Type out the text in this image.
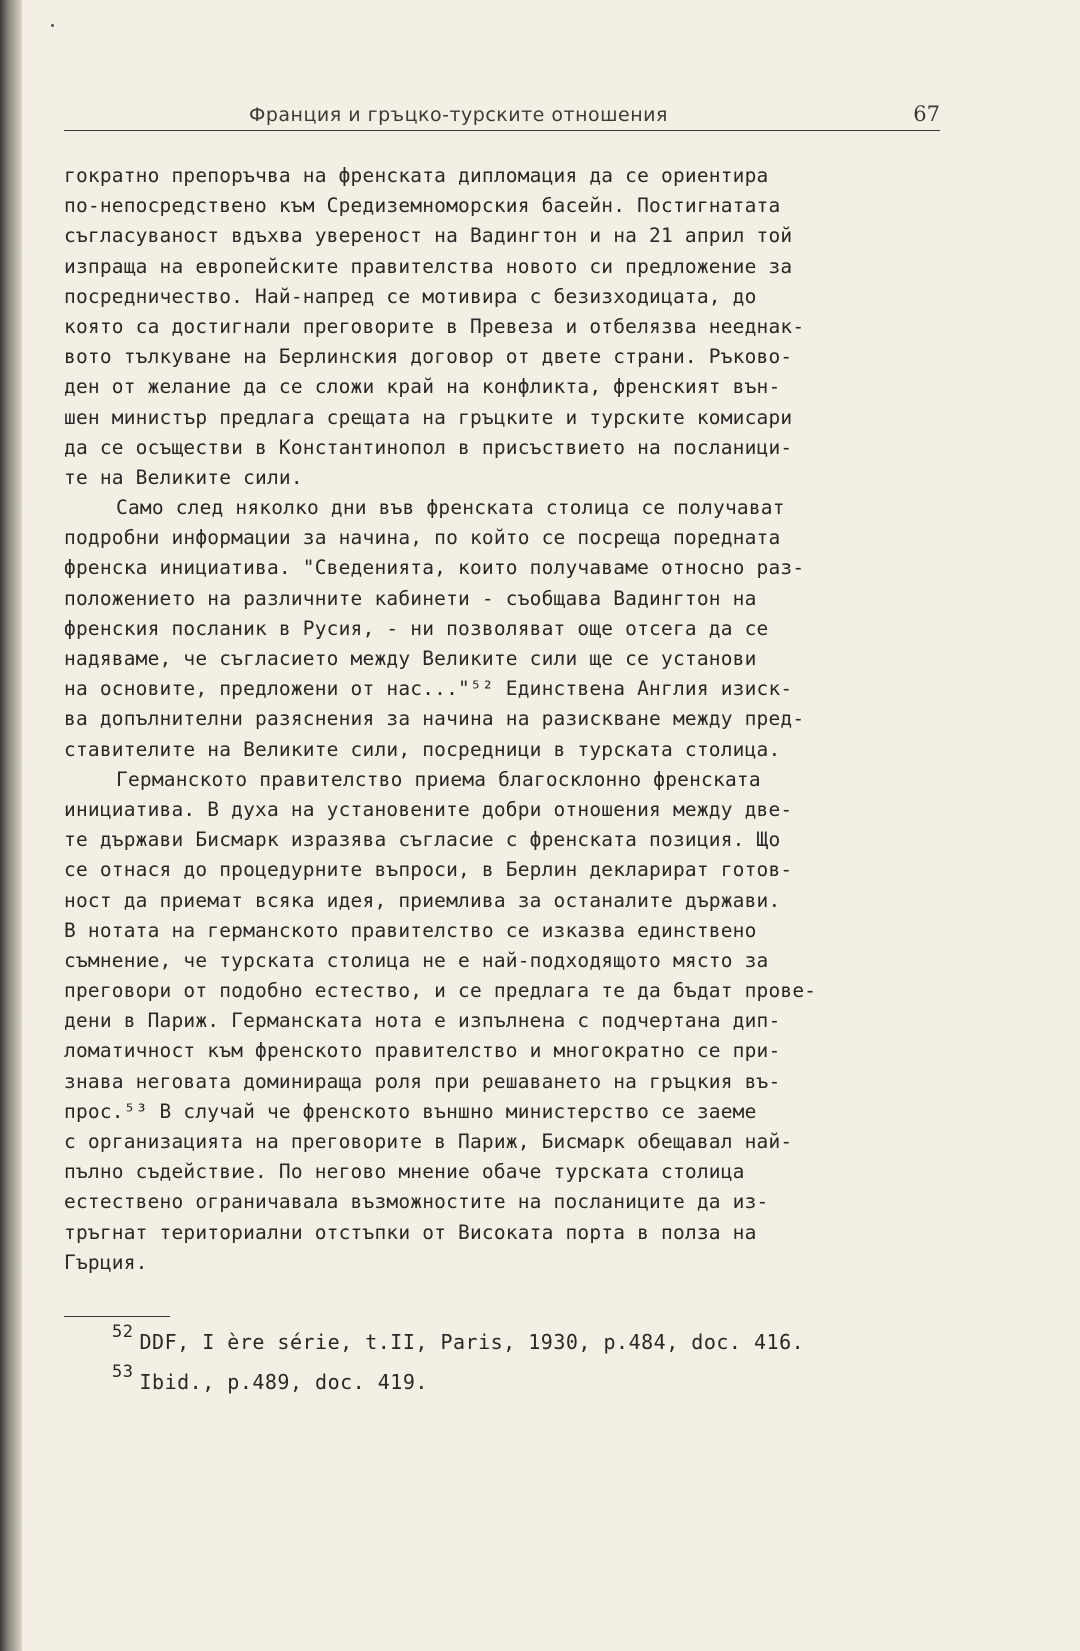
Франция и гръцко-турските отношения	67
гократно препоръчва на френската дипломация да се ориентира
по-непосредствено към Средиземноморския басейн. Постигнатата
съгласуваност вдъхва увереност на Вадингтон и на 21 април той
изпраща на европейските правителства новото си предложение за
посредничество. Най-напред се мотивира с безизходицата, до
която са достигнали преговорите в Превеза и отбелязва нееднак-
вото тълкуване на Берлинския договор от двете страни. Ръково-
ден от желание да се сложи край на конфликта, френският вън-
шен министър предлага срещата на гръцките и турските комисари
да се осъществи в Константинопол в присъствието на посланици-
те на Великите сили.
Само след няколко дни във френската столица се получават
подробни информации за начина, по който се посреща поредната
френска инициатива. "Сведенията, които получаваме относно раз-
положението на различните кабинети - съобщава Вадингтон на
френския посланик в Русия, - ни позволяват още отсега да се
надяваме, че съгласието между Великите сили ще се установи
на основите, предложени от нас..."⁵² Единствена Англия изиск-
ва допълнителни разяснения за начина на разискване между пред-
ставителите на Великите сили, посредници в турската столица.
Германското правителство приема благосклонно френската
инициатива. В духа на установените добри отношения между две-
те държави Бисмарк изразява съгласие с френската позиция. Що
се отнася до процедурните въпроси, в Берлин декларират готов-
ност да приемат всяка идея, приемлива за останалите държави.
В нотата на германското правителство се изказва единствено
съмнение, че турската столица не е най-подходящото място за
преговори от подобно естество, и се предлага те да бъдат прове-
дени в Париж. Германската нота е изпълнена с подчертана дип-
ломатичност към френското правителство и многократно се при-
знава неговата доминираща роля при решаването на гръцкия въ-
прос.⁵³ В случай че френското външно министерство се заеме
с организацията на преговорите в Париж, Бисмарк обещавал най-
пълно съдействие. По негово мнение обаче турската столица
естествено ограничавала възможностите на посланиците да из-
тръгнат териториални отстъпки от Високата порта в полза на
Гърция.
$^{52}$ DDF, I ère série, t.II, Paris, 1930, p.484, doc. 416.
$^{53}$ Ibid., p.489, doc. 419.
